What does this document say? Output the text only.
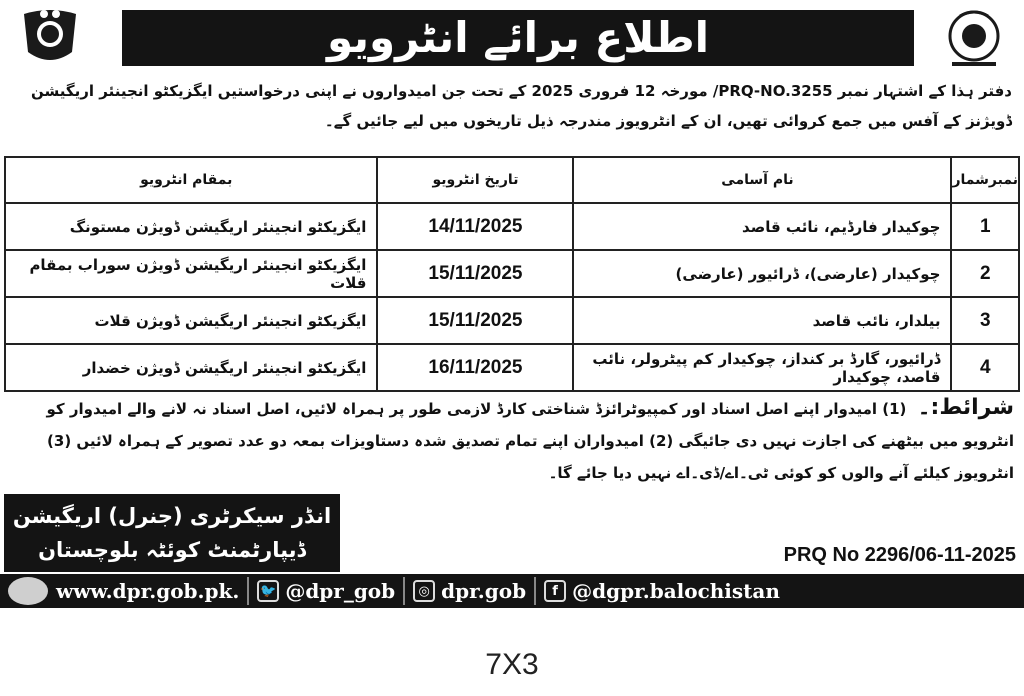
اطلاع برائے انٹرویو
دفتر ہذا کے اشتہار نمبر PRQ-NO.3255/ مورخہ 12 فروری 2025 کے تحت جن امیدواروں نے اپنی درخواستیں ایگزیکٹو انجینئر اریگیشن ڈویژنز کے آفس میں جمع کروائی تھیں، ان کے انٹرویوز مندرجہ ذیل تاریخوں میں لیے جائیں گے۔
نمبرشمار	نام آسامی	تاریخ انٹرویو	بمقام انٹرویو
1	چوکیدار فارڈیم، نائب قاصد	14/11/2025	ایگزیکٹو انجینئر اریگیشن ڈویژن مستونگ
2	چوکیدار (عارضی)، ڈرائیور (عارضی)	15/11/2025	ایگزیکٹو انجینئر اریگیشن ڈویژن سوراب بمقام قلات
3	بیلدار، نائب قاصد	15/11/2025	ایگزیکٹو انجینئر اریگیشن ڈویژن قلات
4	ڈرائیور، گارڈ بر کنداز، چوکیدار کم پیٹرولر، نائب قاصد، چوکیدار	16/11/2025	ایگزیکٹو انجینئر اریگیشن ڈویژن خضدار
شرائط:۔ (1) امیدوار اپنے اصل اسناد اور کمپیوٹرائزڈ شناختی کارڈ لازمی طور پر ہمراہ لائیں، اصل اسناد نہ لانے والے امیدوار کو انٹرویو میں بیٹھنے کی اجازت نہیں دی جائیگی (2) امیدواران اپنے تمام تصدیق شدہ دستاویزات بمعہ دو عدد تصویر کے ہمراہ لائیں (3) انٹرویوز کیلئے آنے والوں کو کوئی ٹی۔اے/ڈی۔اے نہیں دیا جائے گا۔
انڈر سیکرٹری (جنرل) اریگیشن
ڈیپارٹمنٹ کوئٹہ بلوچستان	PRQ No 2296/06-11-2025
www.dpr.gob.pk. 🐦 @dpr_gob	◎ dpr.gob	f @dgpr.balochistan
7X3
